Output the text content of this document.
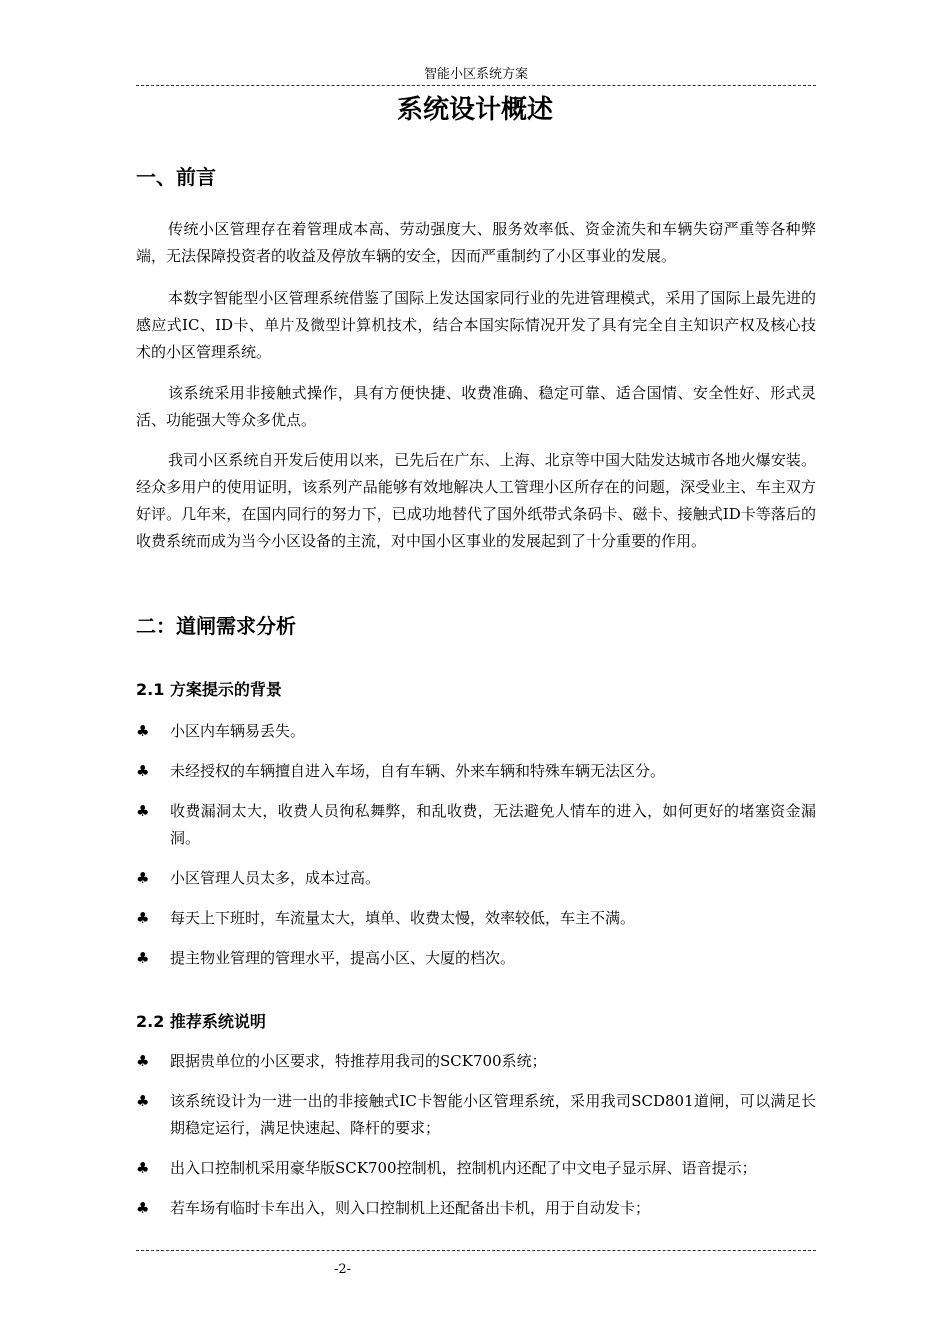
智能小区系统方案
系统设计概述
一、前言

传统小区管理存在着管理成本高、劳动强度大、服务效率低、资金流失和车辆失窃严重等各种弊端，无法保障投资者的收益及停放车辆的安全，因而严重制约了小区事业的发展。

本数字智能型小区管理系统借鉴了国际上发达国家同行业的先进管理模式，采用了国际上最先进的感应式IC、ID卡、单片及微型计算机技术，结合本国实际情况开发了具有完全自主知识产权及核心技术的小区管理系统。

该系统采用非接触式操作，具有方便快捷、收费准确、稳定可靠、适合国情、安全性好、形式灵活、功能强大等众多优点。

我司小区系统自开发后使用以来，已先后在广东、上海、北京等中国大陆发达城市各地火爆安装。经众多用户的使用证明，该系列产品能够有效地解决人工管理小区所存在的问题，深受业主、车主双方好评。几年来，在国内同行的努力下，已成功地替代了国外纸带式条码卡、磁卡、接触式ID卡等落后的收费系统而成为当今小区设备的主流，对中国小区事业的发展起到了十分重要的作用。

二：道闸需求分析
2.1 方案提示的背景
♣ 小区内车辆易丢失。
♣ 未经授权的车辆擅自进入车场，自有车辆、外来车辆和特殊车辆无法区分。
♣ 收费漏洞太大，收费人员徇私舞弊，和乱收费，无法避免人情车的进入，如何更好的堵塞资金漏洞。
♣ 小区管理人员太多，成本过高。
♣ 每天上下班时，车流量太大，填单、收费太慢，效率较低，车主不满。
♣ 提主物业管理的管理水平，提高小区、大厦的档次。
2.2 推荐系统说明
♣ 跟据贵单位的小区要求，特推荐用我司的SCK700系统；
♣ 该系统设计为一进一出的非接触式IC卡智能小区管理系统，采用我司SCD801道闸，可以满足长期稳定运行，满足快速起、降杆的要求；
♣ 出入口控制机采用豪华版SCK700控制机，控制机内还配了中文电子显示屏、语音提示；
♣ 若车场有临时卡车出入，则入口控制机上还配备出卡机，用于自动发卡；
-2-
